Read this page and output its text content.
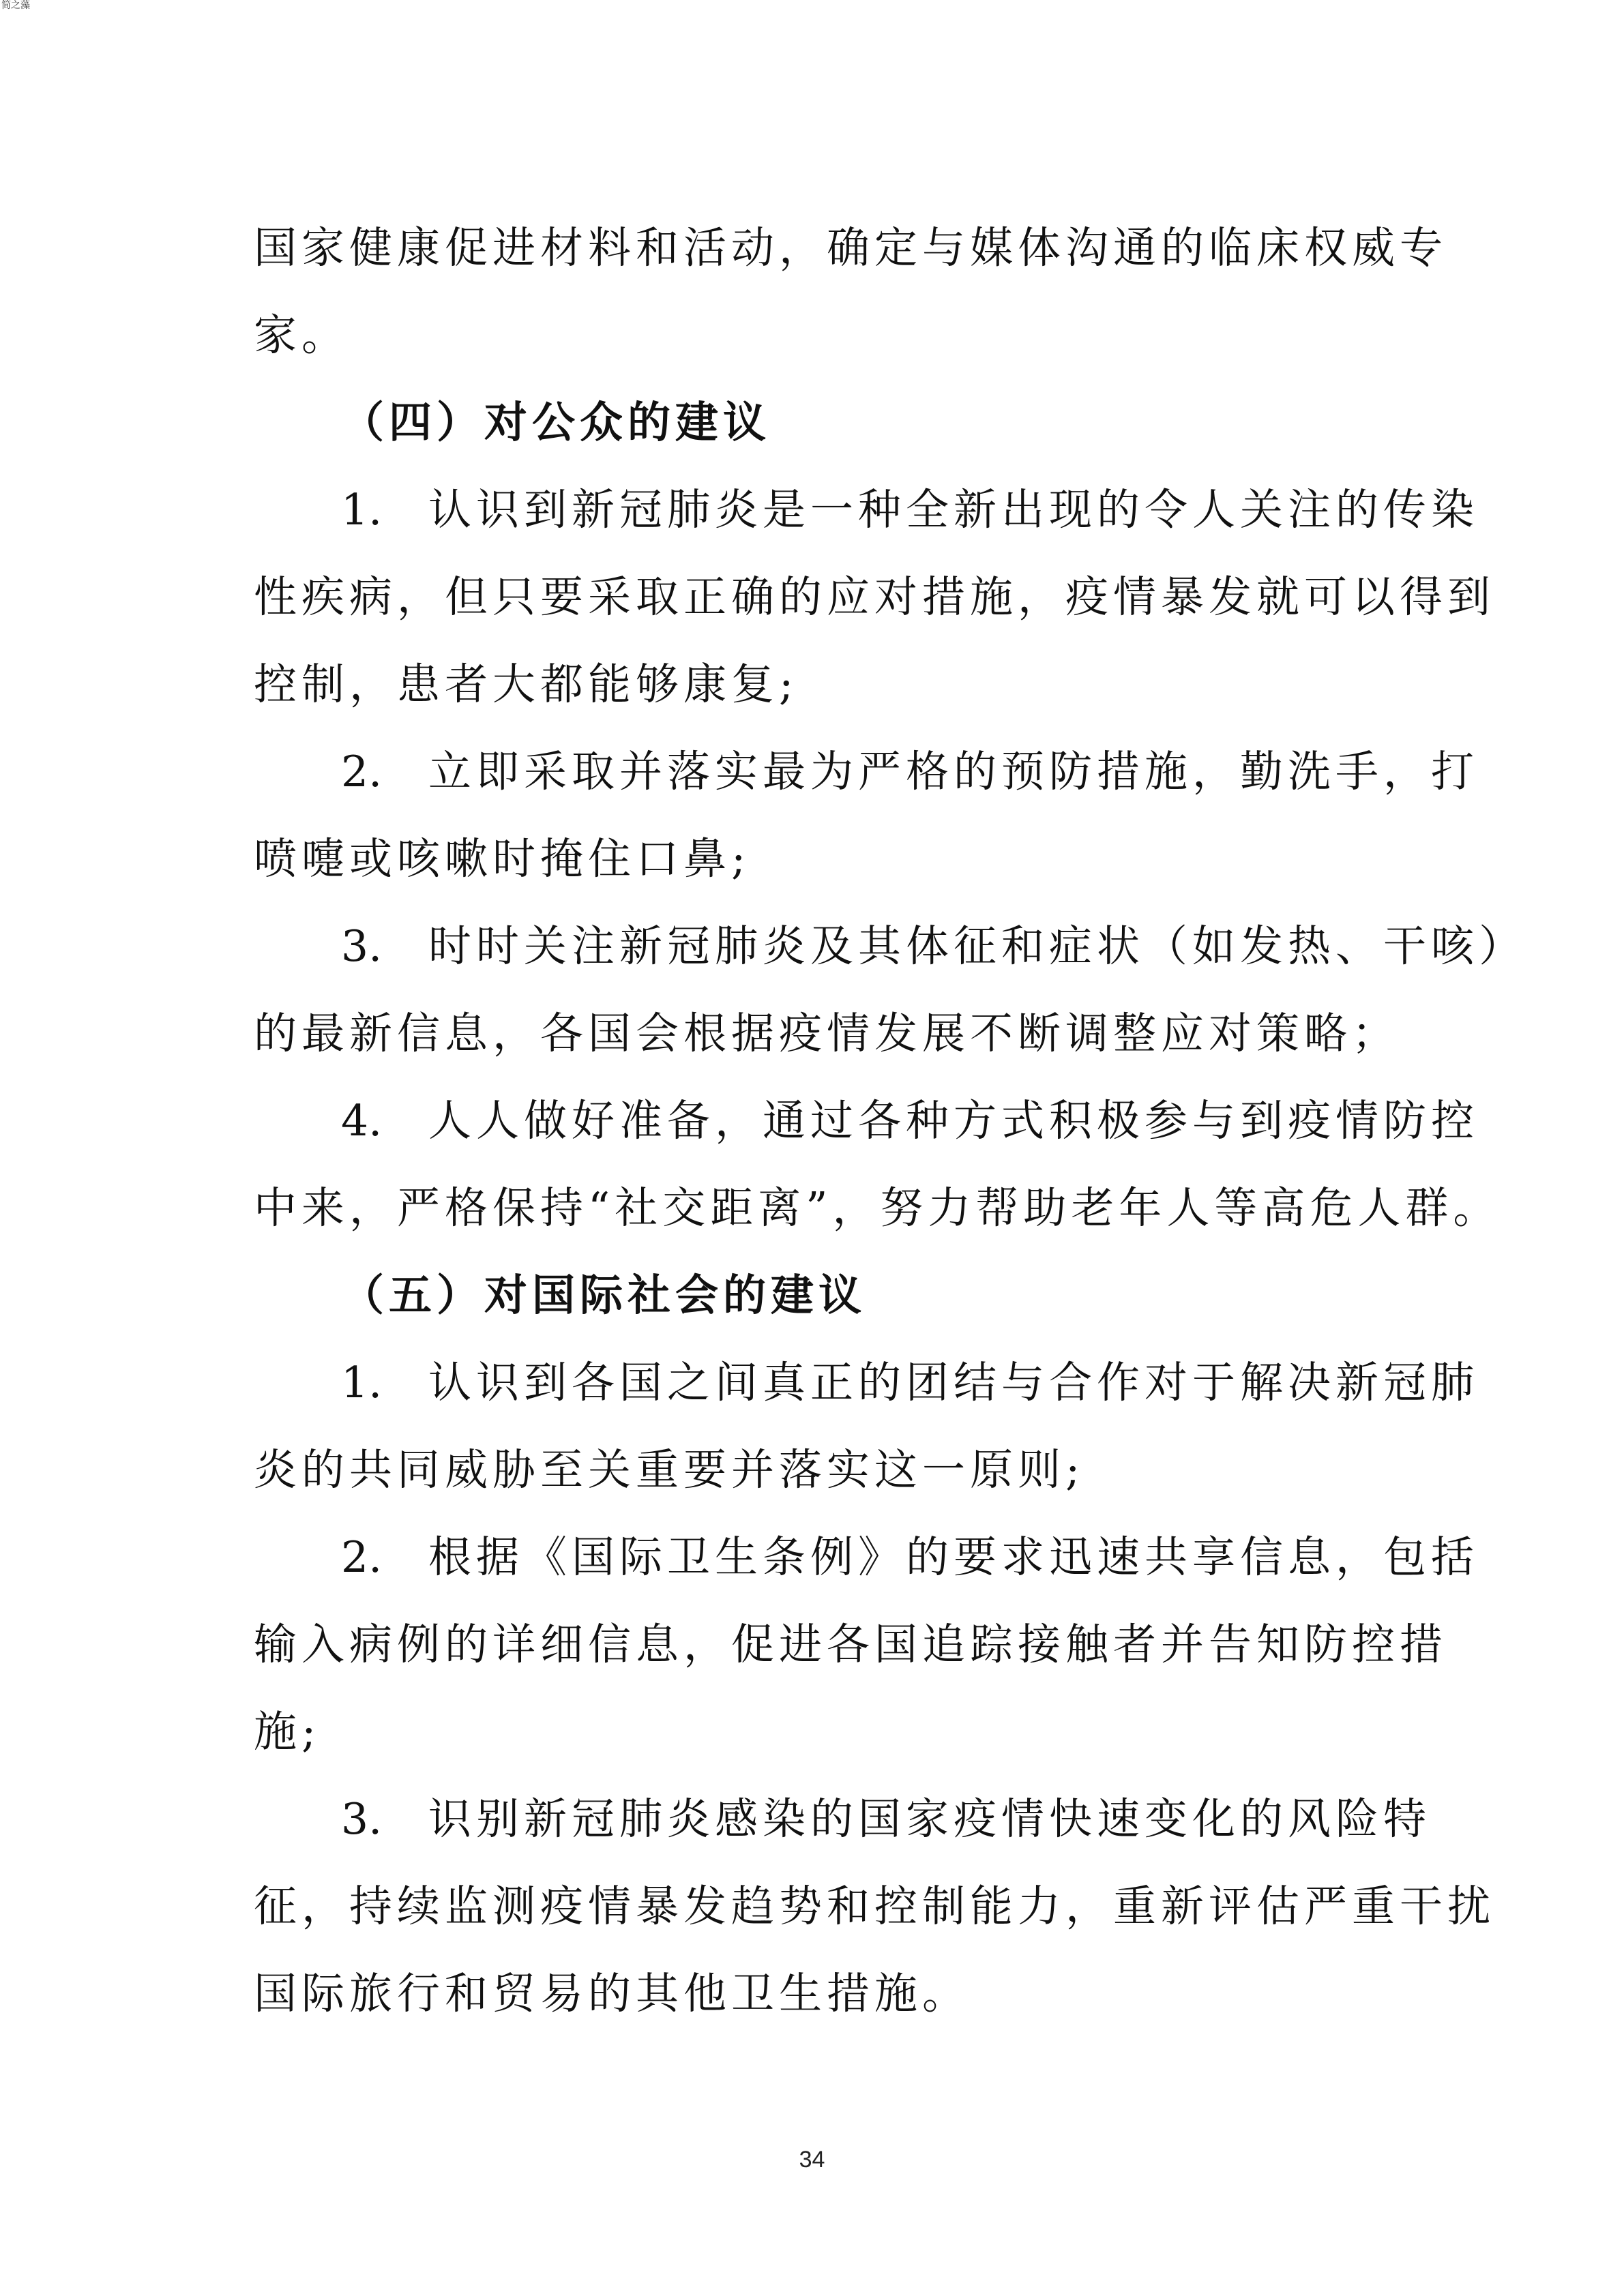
简之藻
国家健康促进材料和活动，确定与媒体沟通的临床权威专
家。
（四）对公众的建议
1. 认识到新冠肺炎是一种全新出现的令人关注的传染
性疾病，但只要采取正确的应对措施，疫情暴发就可以得到
控制，患者大都能够康复;
2. 立即采取并落实最为严格的预防措施，勤洗手，打
喷嚏或咳嗽时掩住口鼻;
3. 时时关注新冠肺炎及其体征和症状（如发热、干咳）
的最新信息，各国会根据疫情发展不断调整应对策略；
4. 人人做好准备，通过各种方式积极参与到疫情防控
中来，严格保持“社交距离”，努力帮助老年人等高危人群。
（五）对国际社会的建议
1. 认识到各国之间真正的团结与合作对于解决新冠肺
炎的共同威胁至关重要并落实这一原则;
2. 根据《国际卫生条例》的要求迅速共享信息，包括
输入病例的详细信息，促进各国追踪接触者并告知防控措
施;
3. 识别新冠肺炎感染的国家疫情快速变化的风险特
征，持续监测疫情暴发趋势和控制能力，重新评估严重干扰
国际旅行和贸易的其他卫生措施。
34
